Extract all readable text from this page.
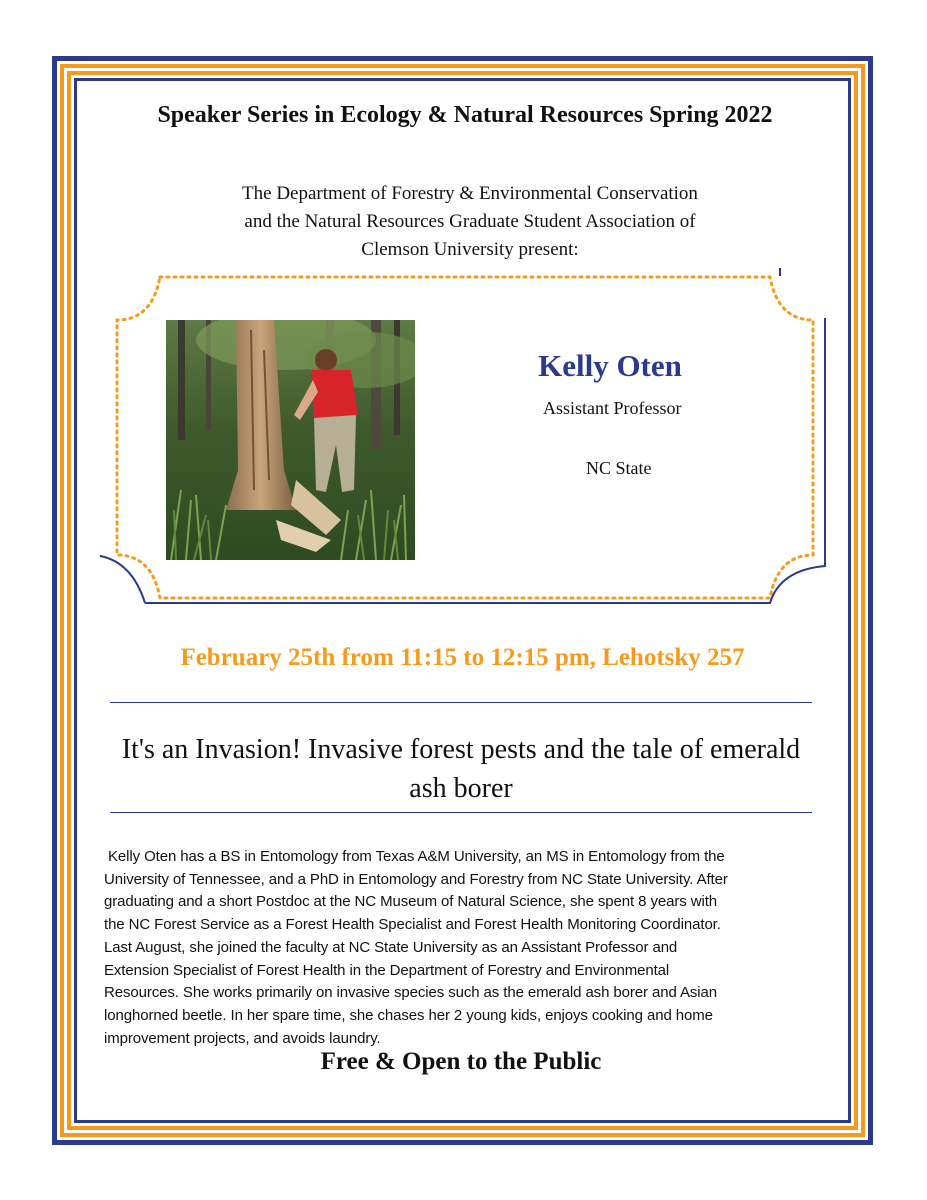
Speaker Series in Ecology & Natural Resources Spring 2022
The Department of Forestry & Environmental Conservation
and the Natural Resources Graduate Student Association of
Clemson University present:
Kelly Oten
Assistant Professor
NC State
February 25th from 11:15 to 12:15 pm, Lehotsky 257
It's an Invasion! Invasive forest pests and the tale of emerald ash borer
Kelly Oten has a BS in Entomology from Texas A&M University, an MS in Entomology from the
University of Tennessee, and a PhD in Entomology and Forestry from NC State University. After
graduating and a short Postdoc at the NC Museum of Natural Science, she spent 8 years with
the NC Forest Service as a Forest Health Specialist and Forest Health Monitoring Coordinator.
Last August, she joined the faculty at NC State University as an Assistant Professor and
Extension Specialist of Forest Health in the Department of Forestry and Environmental
Resources. She works primarily on invasive species such as the emerald ash borer and Asian
longhorned beetle. In her spare time, she chases her 2 young kids, enjoys cooking and home
improvement projects, and avoids laundry.
Free & Open to the Public
